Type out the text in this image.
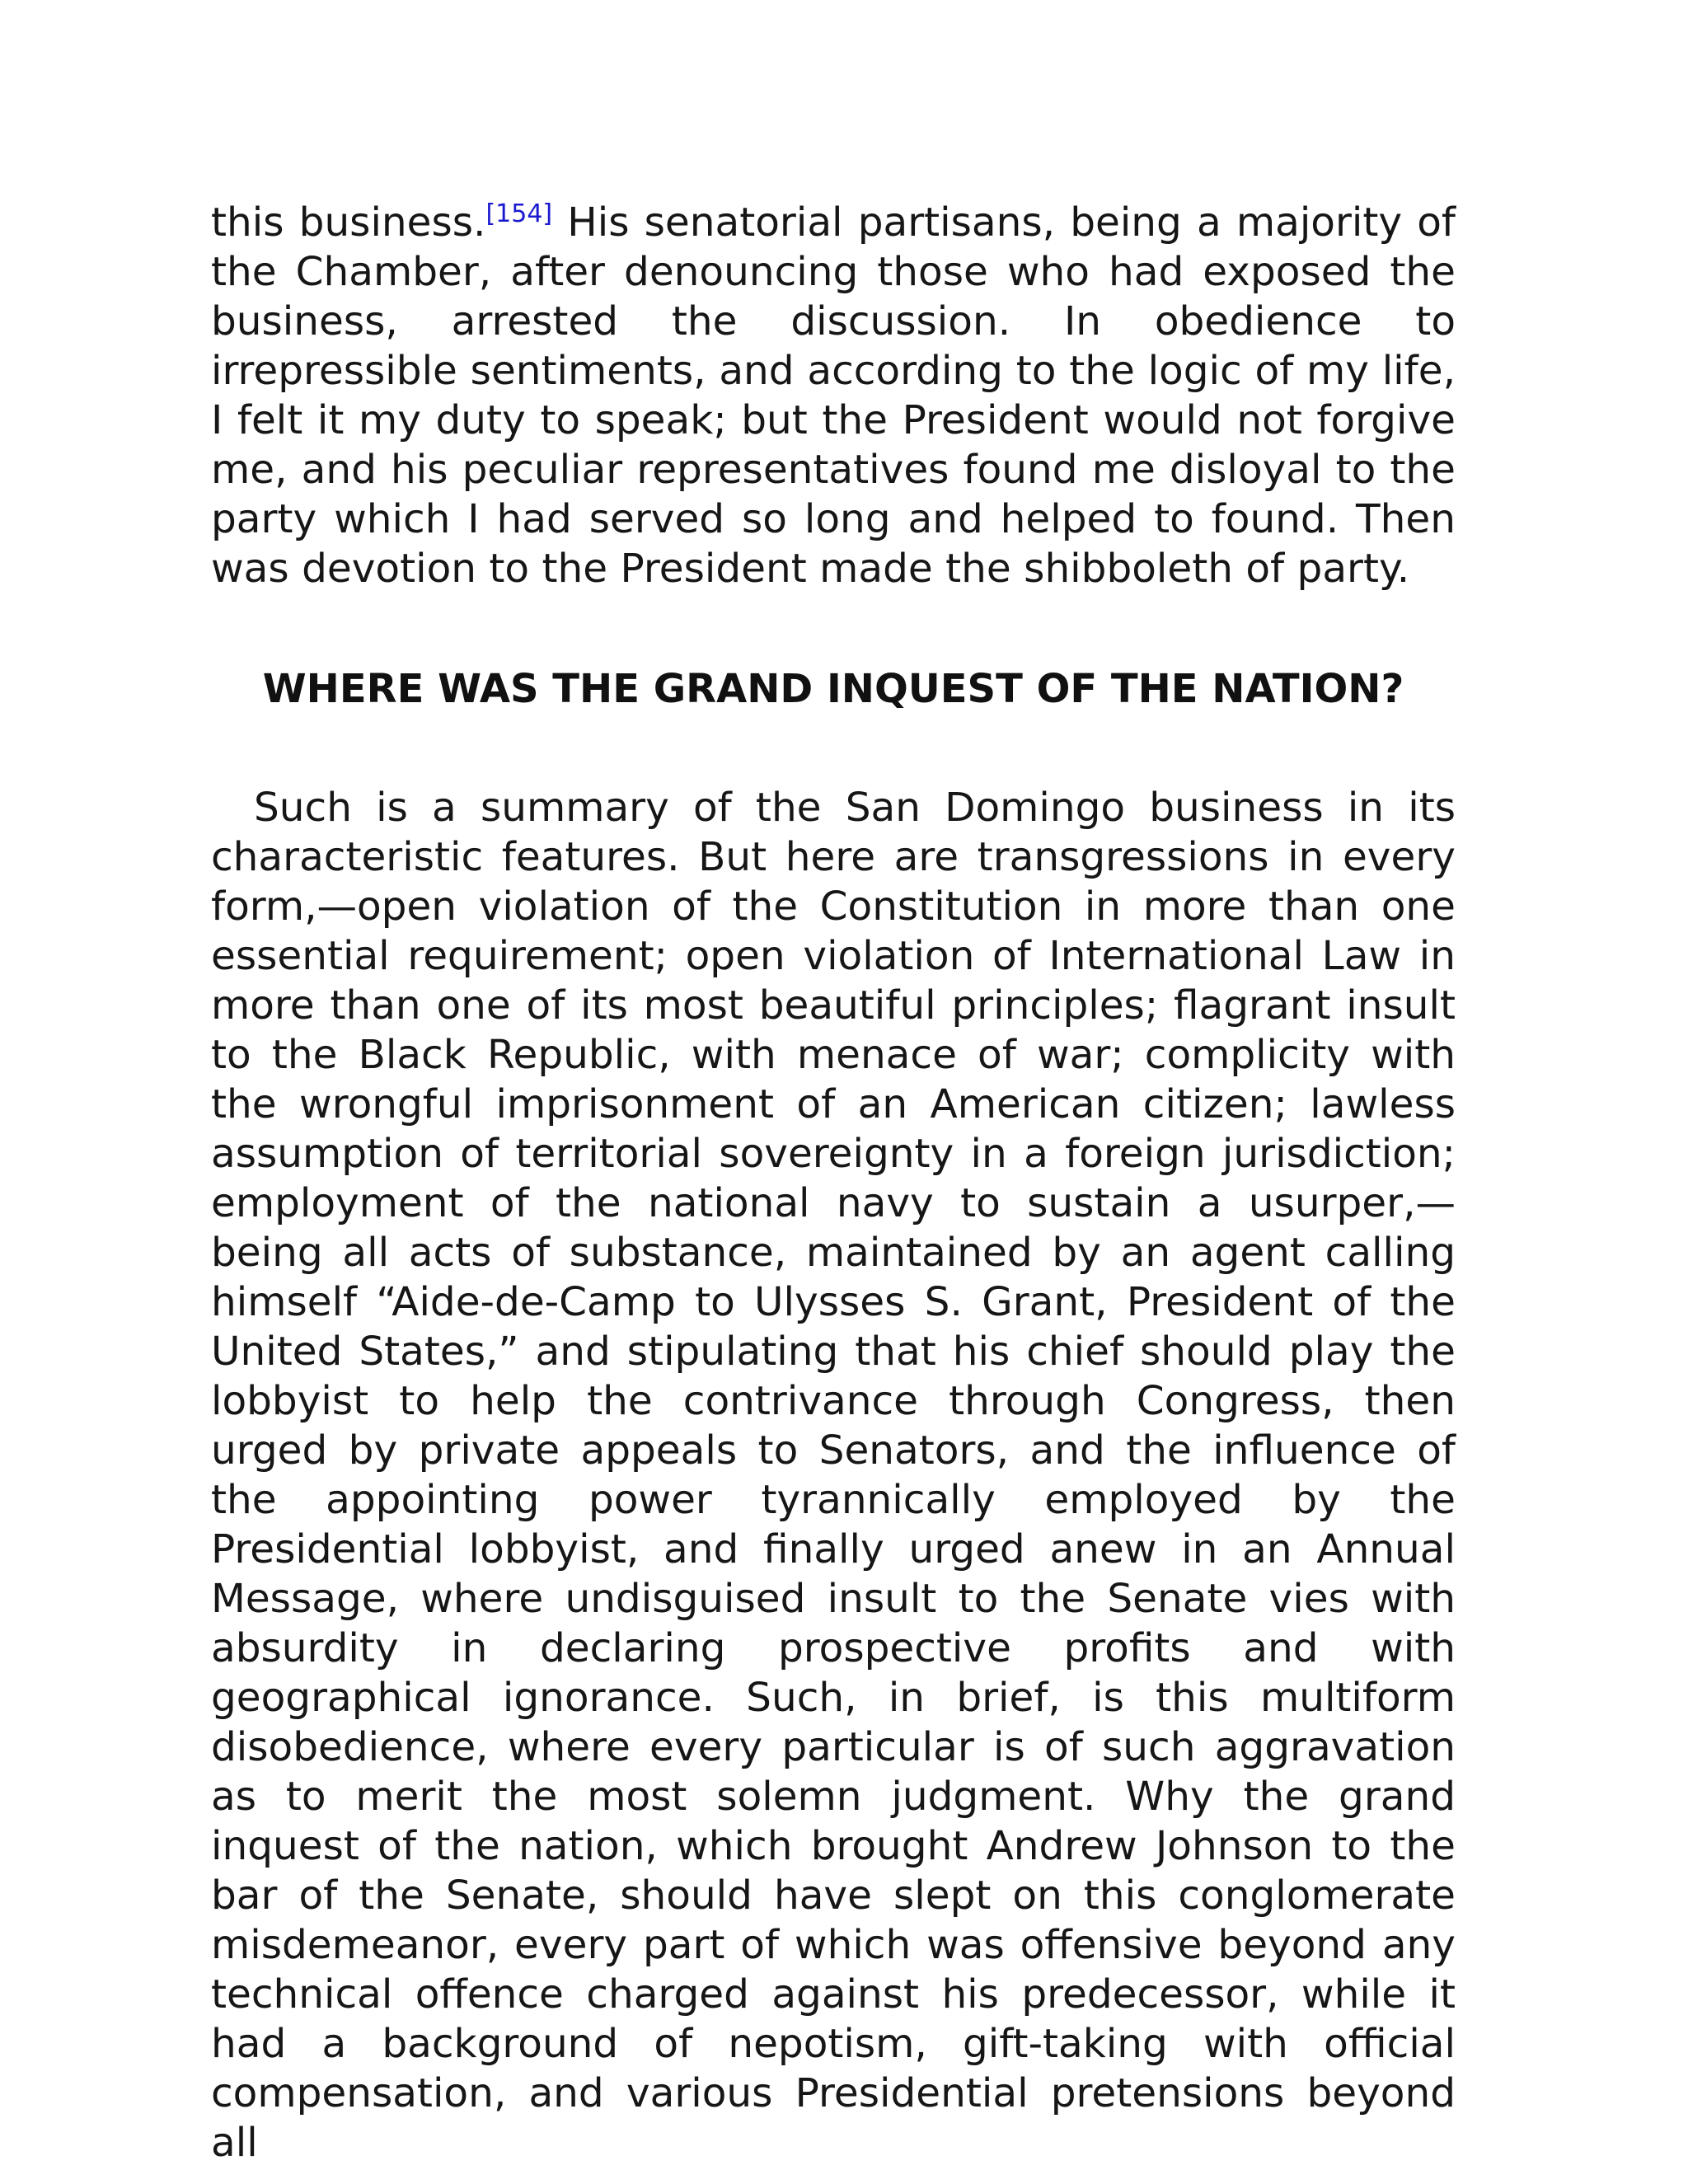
this business.[154] His senatorial partisans, being a majority of the Chamber, after denouncing those who had exposed the business, arrested the discussion. In obedience to irrepressible sentiments, and according to the logic of my life, I felt it my duty to speak; but the President would not forgive me, and his peculiar representatives found me disloyal to the party which I had served so long and helped to found. Then was devotion to the President made the shibboleth of party.

WHERE WAS THE GRAND INQUEST OF THE NATION?

Such is a summary of the San Domingo business in its characteristic features. But here are transgressions in every form,—open violation of the Constitution in more than one essential requirement; open violation of International Law in more than one of its most beautiful principles; flagrant insult to the Black Republic, with menace of war; complicity with the wrongful imprisonment of an American citizen; lawless assumption of territorial sovereignty in a foreign jurisdiction; employment of the national navy to sustain a usurper,—being all acts of substance, maintained by an agent calling himself “Aide-de-Camp to Ulysses S. Grant, President of the United States,” and stipulating that his chief should play the lobbyist to help the contrivance through Congress, then urged by private appeals to Senators, and the influence of the appointing power tyrannically employed by the Presidential lobbyist, and finally urged anew in an Annual Message, where undisguised insult to the Senate vies with absurdity in declaring prospective profits and with geographical ignorance. Such, in brief, is this multiform disobedience, where every particular is of such aggravation as to merit the most solemn judgment. Why the grand inquest of the nation, which brought Andrew Johnson to the bar of the Senate, should have slept on this conglomerate misdemeanor, every part of which was offensive beyond any technical offence charged against his predecessor, while it had a background of nepotism, gift-taking with official compensation, and various Presidential pretensions beyond all
